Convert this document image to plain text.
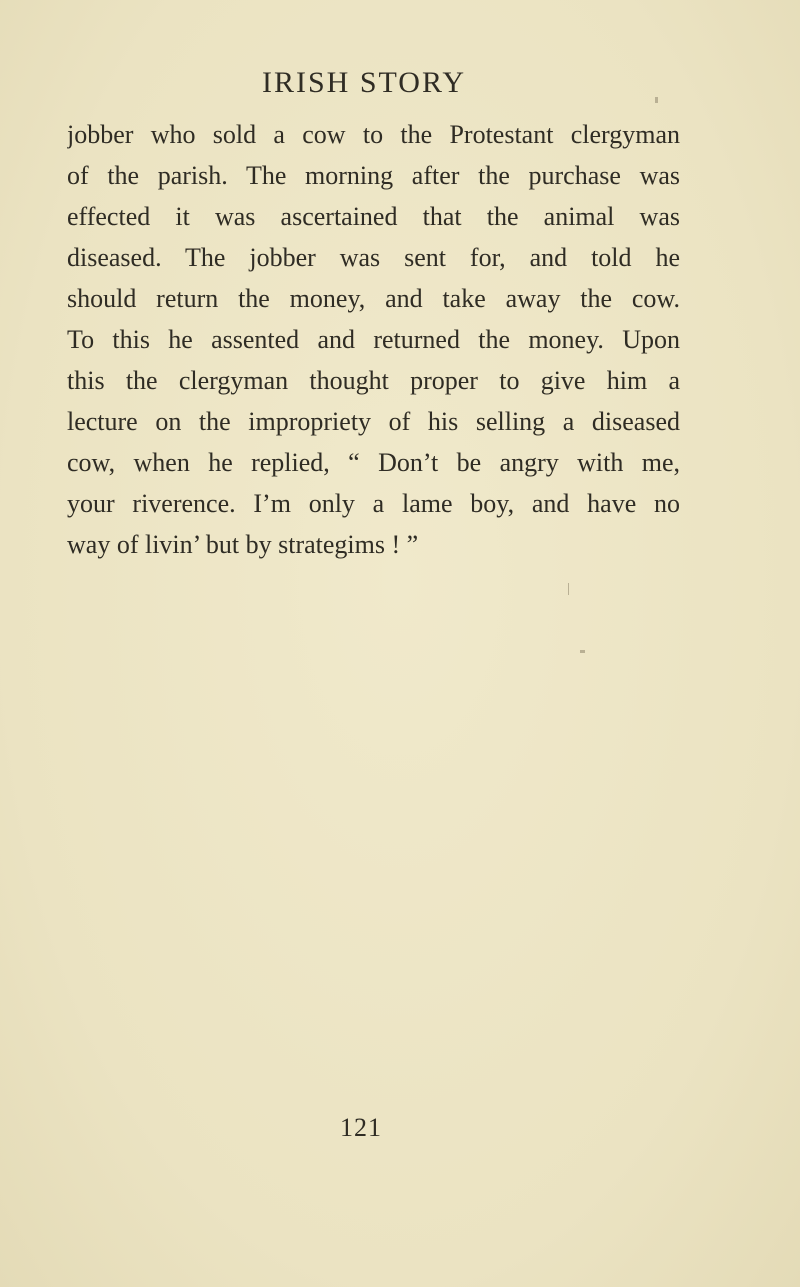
IRISH STORY
jobber who sold a cow to the Protestant clergyman
of the parish. The morning after the purchase was
effected it was ascertained that the animal was
diseased. The jobber was sent for, and told he
should return the money, and take away the cow.
To this he assented and returned the money. Upon
this the clergyman thought proper to give him a
lecture on the impropriety of his selling a diseased
cow, when he replied, “ Don’t be angry with me,
your riverence. I’m only a lame boy, and have no
way of livin’ but by strategims ! ”
121
